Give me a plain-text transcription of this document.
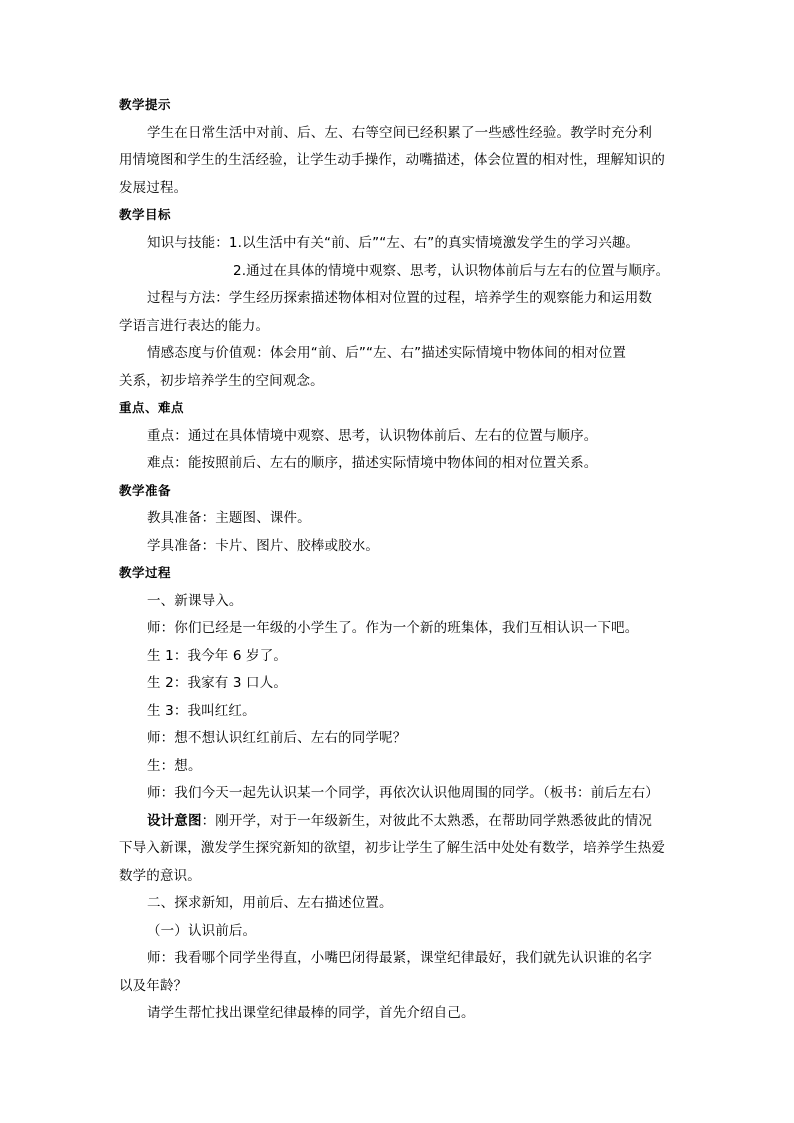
教学提示
学生在日常生活中对前、后、左、右等空间已经积累了一些感性经验。教学时充分利
用情境图和学生的生活经验，让学生动手操作，动嘴描述，体会位置的相对性，理解知识的
发展过程。
教学目标
知识与技能：1.以生活中有关“前、后”“左、右”的真实情境激发学生的学习兴趣。
2.通过在具体的情境中观察、思考，认识物体前后与左右的位置与顺序。
过程与方法：学生经历探索描述物体相对位置的过程，培养学生的观察能力和运用数
学语言进行表达的能力。
情感态度与价值观：体会用“前、后”“左、右”描述实际情境中物体间的相对位置
关系，初步培养学生的空间观念。
重点、难点
重点：通过在具体情境中观察、思考，认识物体前后、左右的位置与顺序。
难点：能按照前后、左右的顺序，描述实际情境中物体间的相对位置关系。
教学准备
教具准备：主题图、课件。
学具准备：卡片、图片、胶棒或胶水。
教学过程
一、新课导入。
师：你们已经是一年级的小学生了。作为一个新的班集体，我们互相认识一下吧。
生 1：我今年 6 岁了。
生 2：我家有 3 口人。
生 3：我叫红红。
师：想不想认识红红前后、左右的同学呢？
生：想。
师：我们今天一起先认识某一个同学，再依次认识他周围的同学。（板书：前后左右）
设计意图：刚开学，对于一年级新生，对彼此不太熟悉，在帮助同学熟悉彼此的情况
下导入新课，激发学生探究新知的欲望，初步让学生了解生活中处处有数学，培养学生热爱
数学的意识。
二、探求新知，用前后、左右描述位置。
（一）认识前后。
师：我看哪个同学坐得直，小嘴巴闭得最紧，课堂纪律最好，我们就先认识谁的名字
以及年龄？
请学生帮忙找出课堂纪律最棒的同学，首先介绍自己。
